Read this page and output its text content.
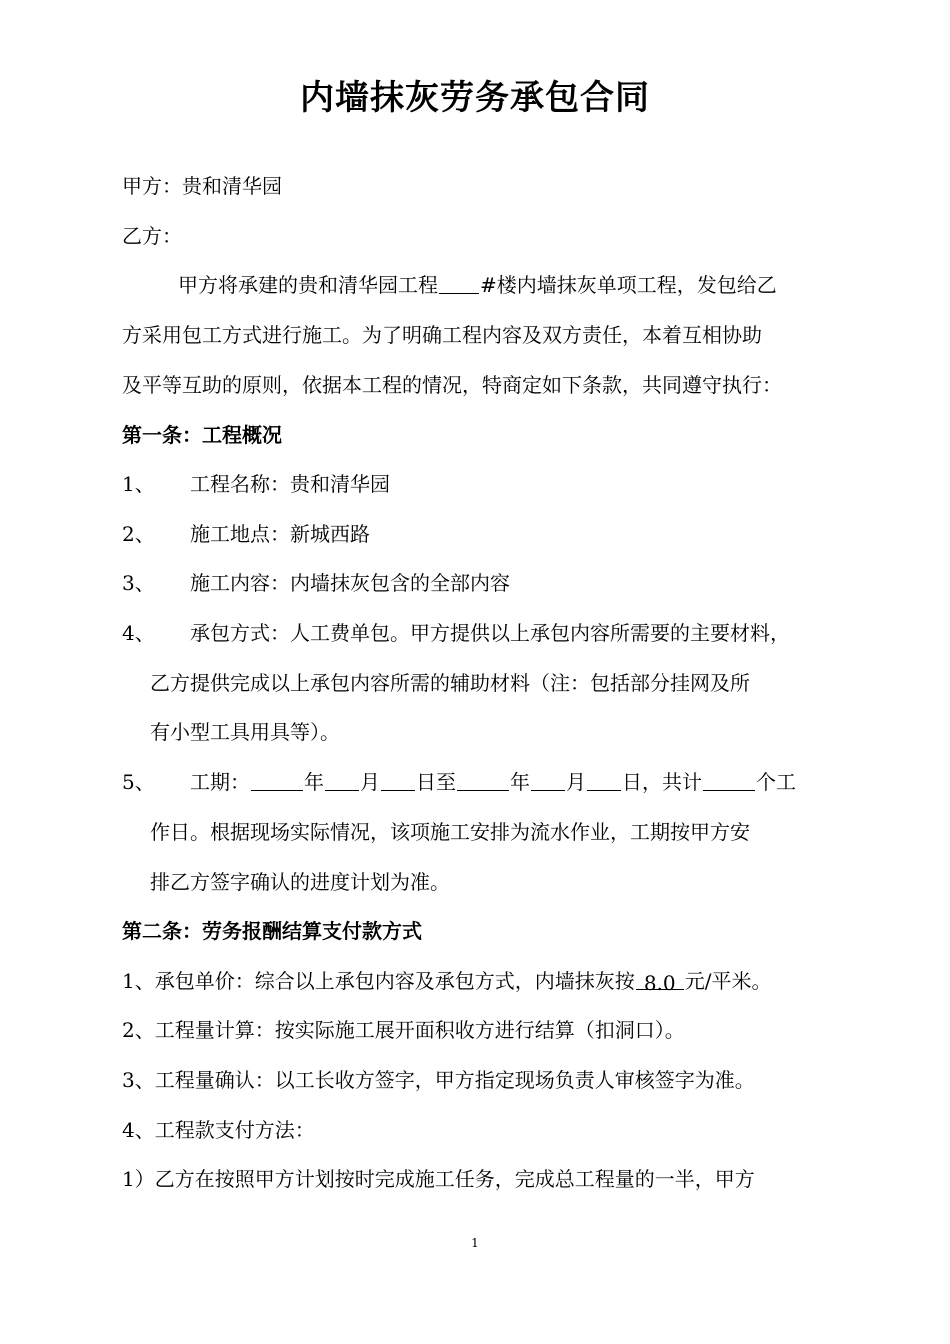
内墙抹灰劳务承包合同
甲方：贵和清华园
乙方：
甲方将承建的贵和清华园工程 #楼内墙抹灰单项工程，发包给乙
方采用包工方式进行施工。为了明确工程内容及双方责任，本着互相协助
及平等互助的原则，依据本工程的情况，特商定如下条款，共同遵守执行：
第一条：工程概况
1、 工程名称：贵和清华园
2、 施工地点：新城西路
3、 施工内容：内墙抹灰包含的全部内容
4、 承包方式：人工费单包。甲方提供以上承包内容所需要的主要材料，
乙方提供完成以上承包内容所需的辅助材料（注：包括部分挂网及所
有小型工具用具等）。
5、 工期：	年 月 日至	年 月 日，共计	个工
作日。根据现场实际情况，该项施工安排为流水作业，工期按甲方安
排乙方签字确认的进度计划为准。
第二条：劳务报酬结算支付款方式
1、承包单价：综合以上承包内容及承包方式，内墙抹灰按 8.0 元/平米。
2、工程量计算：按实际施工展开面积收方进行结算（扣洞口）。
3、工程量确认：以工长收方签字，甲方指定现场负责人审核签字为准。
4、工程款支付方法：
1）乙方在按照甲方计划按时完成施工任务，完成总工程量的一半，甲方
1
